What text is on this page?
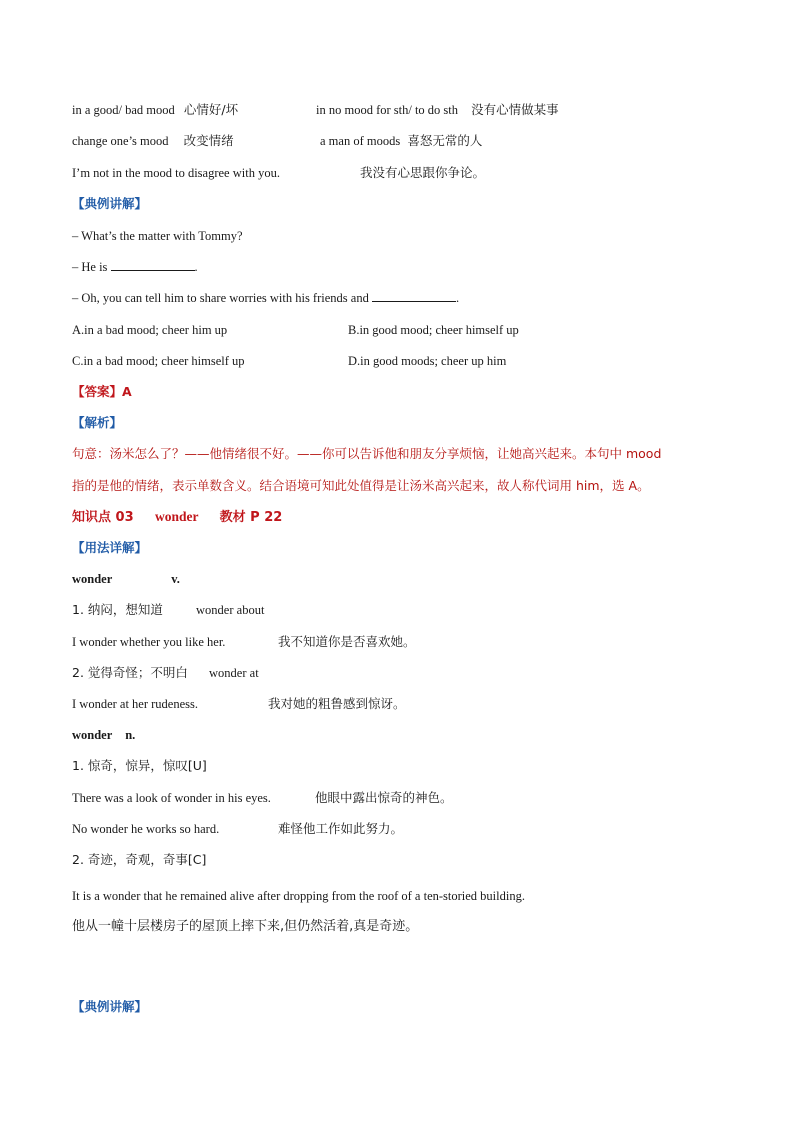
in a good/ bad mood 心情好/坏	in no mood for sth/ to do sth 没有心情做某事
change one’s mood 改变情绪	a man of moods 喜怒无常的人
I’m not in the mood to disagree with you.	我没有心思跟你争论。
【典例讲解】
– What’s the matter with Tommy?
– He is	.
– Oh, you can tell him to share worries with his friends and	.
A.in a bad mood; cheer him up	B.in good mood; cheer himself up
C.in a bad mood; cheer himself up	D.in good moods; cheer up him
【答案】A
【解析】
句意：汤米怎么了？——他情绪很不好。——你可以告诉他和朋友分享烦恼，让她高兴起来。本句中 mood
指的是他的情绪，表示单数含义。结合语境可知此处值得是让汤米高兴起来，故人称代词用 him，选 A。
知识点 03 wonder 教材 P 22
【用法详解】
wonder	v.
1. 纳闷，想知道	wonder about
I wonder whether you like her.	我不知道你是否喜欢她。
2. 觉得奇怪；不明白 wonder at
I wonder at her rudeness.	我对她的粗鲁感到惊讶。
wonder n.
1. 惊奇，惊异，惊叹[U]
There was a look of wonder in his eyes.	他眼中露出惊奇的神色。
No wonder he works so hard.	难怪他工作如此努力。
2. 奇迹，奇观，奇事[C]
It is a wonder that he remained alive after dropping from the roof of a ten-storied building.
他从一幢十层楼房子的屋顶上摔下来,但仍然活着,真是奇迹。
【典例讲解】
